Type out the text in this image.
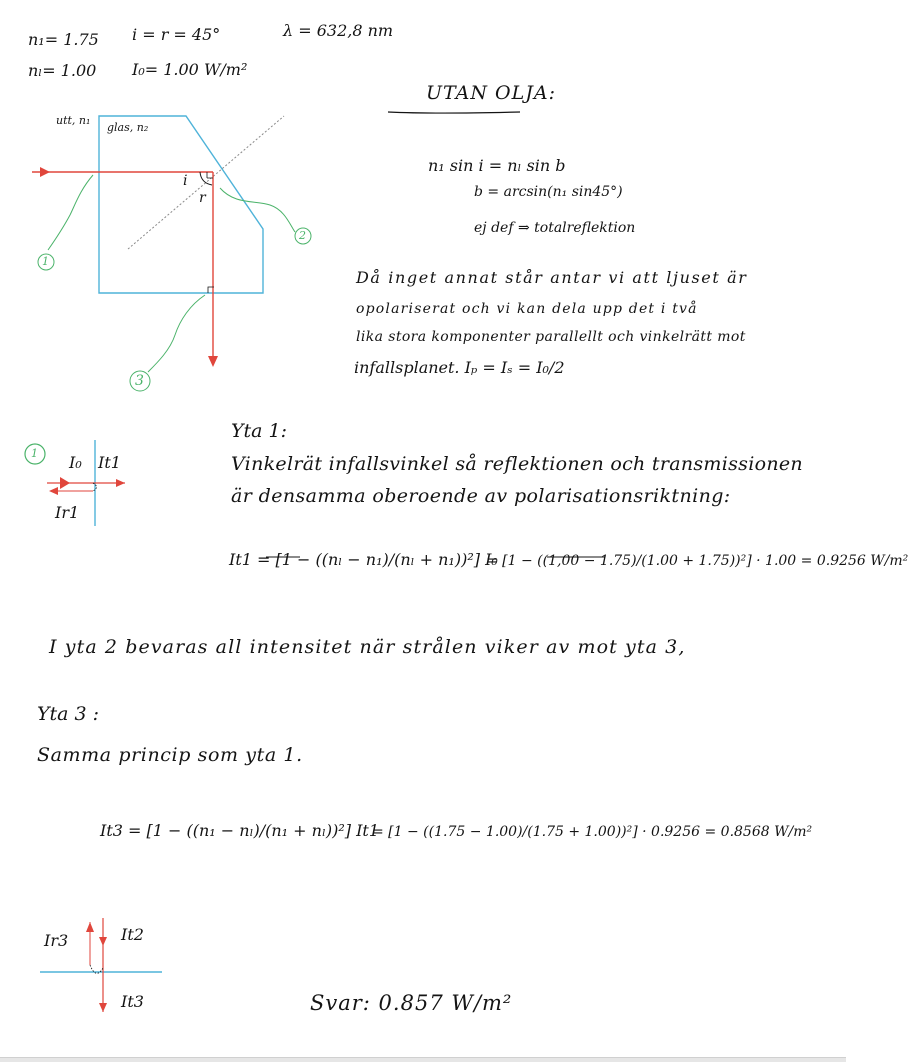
n₁= 1.75
nₗ= 1.00
i = r = 45°
I₀= 1.00 W/m²
λ = 632,8 nm
utt, n₁
glas, n₂
i
r
1
2
3
UTAN OLJA:
n₁ sin i = nₗ sin b
b = arcsin(n₁ sin45°)
ej def ⇒ totalreflektion
Då inget annat står antar vi att ljuset är
opolariserat och vi kan dela upp det i två
lika stora komponenter parallellt och vinkelrätt mot
infallsplanet. Iₚ = Iₛ = I₀/2
Yta 1:
Vinkelrät infallsvinkel så reflektionen och transmissionen
är densamma oberoende av polarisationsriktning:
1 I₀ It1
Ir1
It1 = [1 − ((nₗ − n₁)/(nₗ + n₁))²] I₀
= [1 − ((1,00 − 1.75)/(1.00 + 1.75))²] · 1.00 = 0.9256 W/m²
I yta 2 bevaras all intensitet när strålen viker av mot yta 3,
Yta 3 :
Samma princip som yta 1.
It3 = [1 − ((n₁ − nₗ)/(n₁ + nₗ))²] It1
= [1 − ((1.75 − 1.00)/(1.75 + 1.00))²] · 0.9256 = 0.8568 W/m²
Ir3	It2
It3	Svar: 0.857 W/m²
